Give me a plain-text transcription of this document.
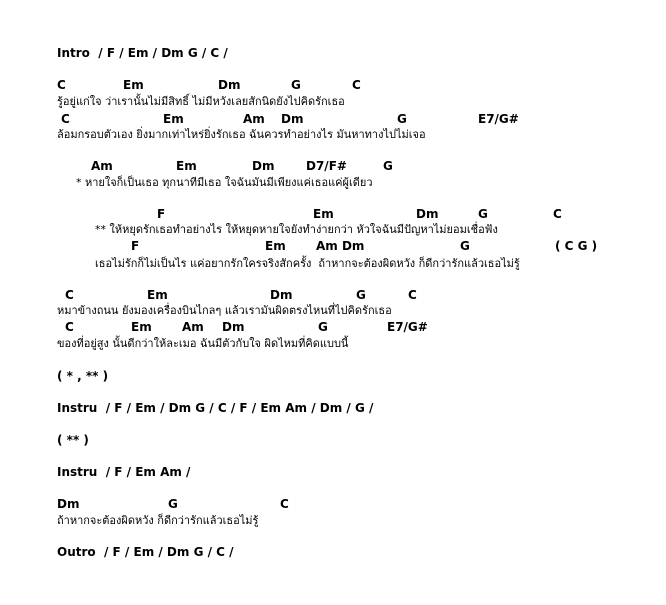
Intro  / F / Em / Dm G / C /

C

	Em

	Dm

	G

	C

รู้อยู่แก่ใจ ว่าเรานั้นไม่มีสิทธิ์ ไม่มีหวังเลยสักนิดยังไปคิดรักเธอ

C

	Em

	Am

Dm

	G

	E7/G#

ล้อมกรอบตัวเอง ยิ่งมากเท่าไหร่ยิ่งรักเธอ ฉันควรทำอย่างไร มันหาทางไปไม่เจอ

Am

	Em

	Dm

	D7/F#

	G

* หายใจก็เป็นเธอ ทุกนาทีมีเธอ ใจฉันมันมีเพียงแค่เธอแค่ผู้เดียว

F

	Em

	Dm

	G

	C

** ให้หยุดรักเธอทำอย่างไร ให้หยุดหายใจยังทำง่ายกว่า หัวใจฉันมีปัญหาไม่ยอมเชื่อฟัง

F

	Em

	Am Dm

	G

	( C G )

เธอไม่รักก็ไม่เป็นไร แค่อยากรักใครจริงสักครั้ง  ถ้าหากจะต้องผิดหวัง ก็ดีกว่ารักแล้วเธอไม่รู้

C

	Em

	Dm

	G

	C

หมาข้างถนน ยังมองเครื่องบินไกลๆ แล้วเรามันผิดตรงไหนที่ไปคิดรักเธอ

C

	Em

	Am

Dm

	G

	E7/G#

ของที่อยู่สูง นั้นดีกว่าให้ละเมอ ฉันมีตัวกับใจ ผิดไหมที่คิดแบบนี้

( * , ** )

Instru  / F / Em / Dm G / C / F / Em Am / Dm / G /

( ** )

Instru  / F / Em Am /

Dm

	G

	C

ถ้าหากจะต้องผิดหวัง ก็ดีกว่ารักแล้วเธอไม่รู้

Outro  / F / Em / Dm G / C /
